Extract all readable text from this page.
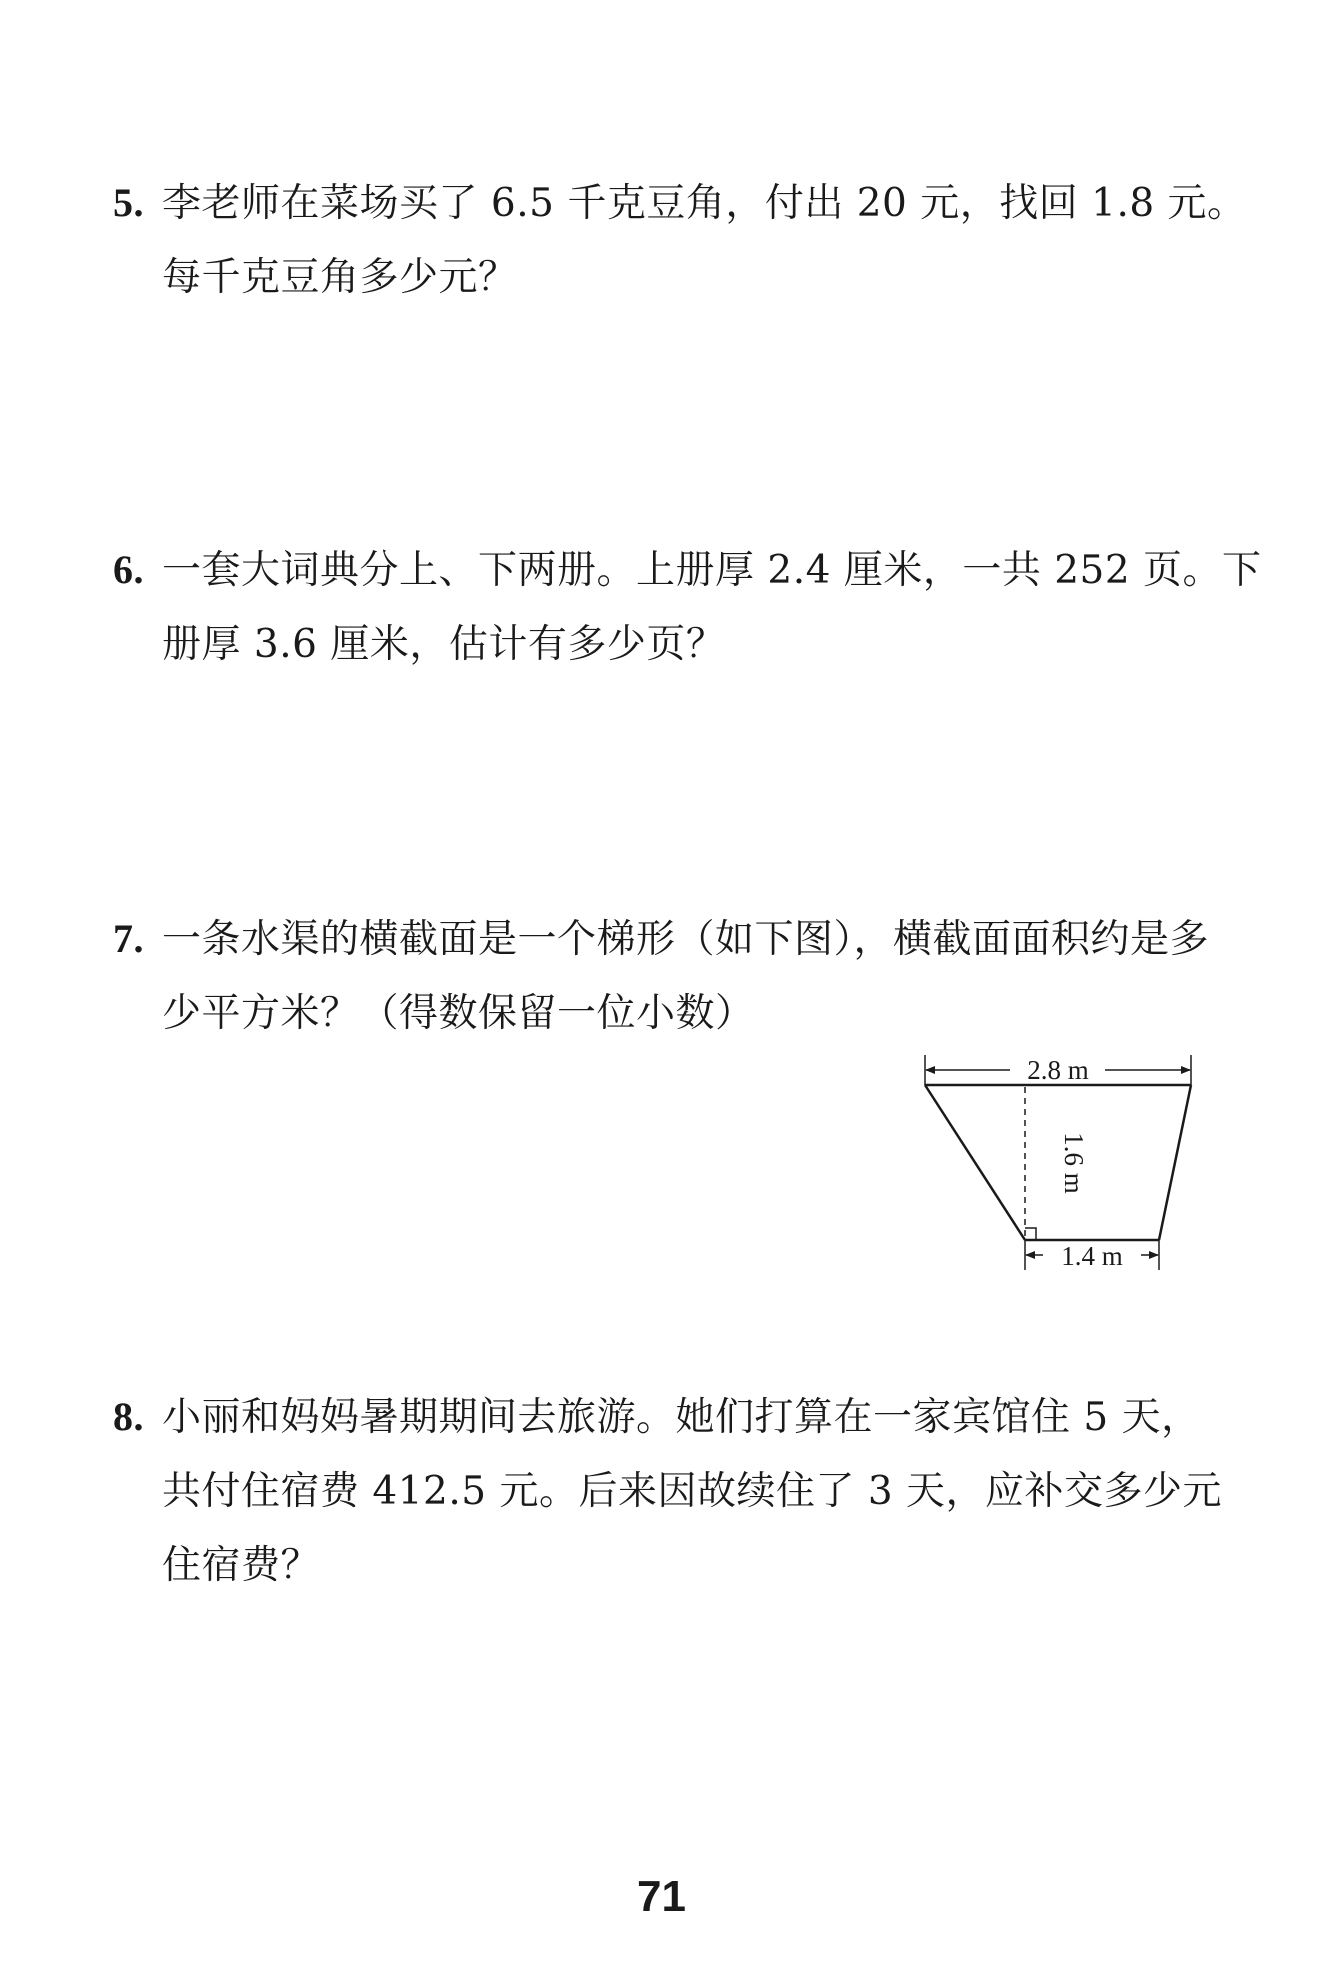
5. 李老师在菜场买了 6.5 千克豆角，付出 20 元，找回 1.8 元。
每千克豆角多少元？
6. 一套大词典分上、下两册。上册厚 2.4 厘米，一共 252 页。下
册厚 3.6 厘米，估计有多少页？
7. 一条水渠的横截面是一个梯形（如下图），横截面面积约是多
少平方米？（得数保留一位小数）
2.8 m
1.6 m
1.4 m
8. 小丽和妈妈暑期期间去旅游。她们打算在一家宾馆住 5 天，
共付住宿费 412.5 元。后来因故续住了 3 天，应补交多少元
住宿费？
71
